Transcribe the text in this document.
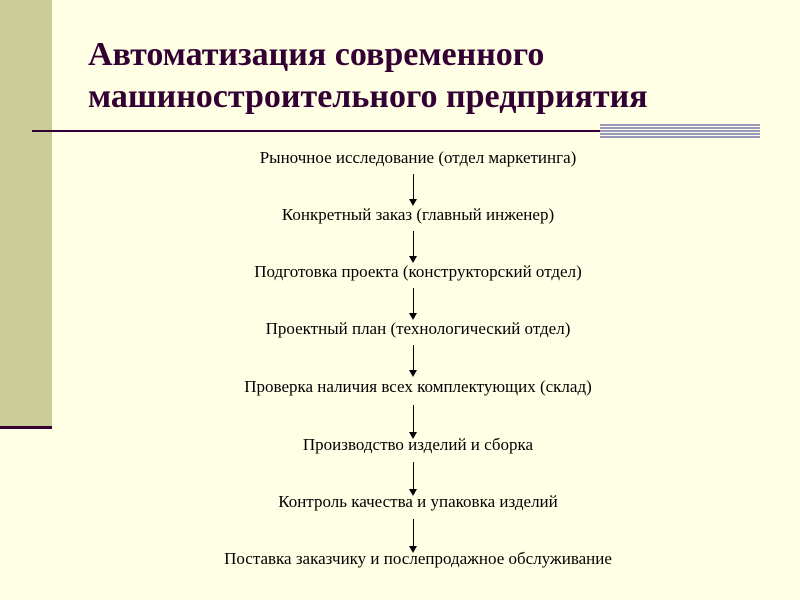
Автоматизация современного
машиностроительного предприятия
Рыночное исследование (отдел маркетинга)
Конкретный заказ (главный инженер)
Подготовка проекта (конструкторский отдел)
Проектный план (технологический отдел)
Проверка наличия всех комплектующих (склад)
Производство изделий и сборка
Контроль качества и упаковка изделий
Поставка заказчику и послепродажное обслуживание
